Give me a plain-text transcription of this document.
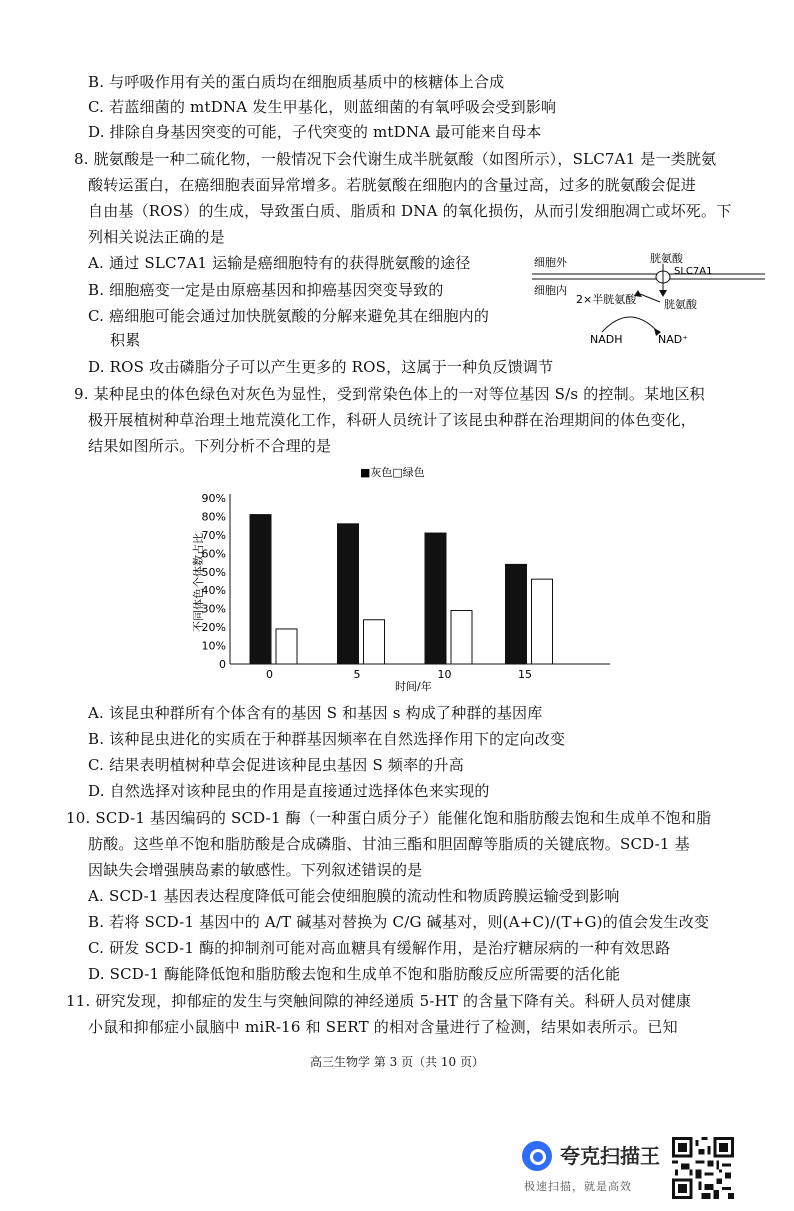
B. 与呼吸作用有关的蛋白质均在细胞质基质中的核糖体上合成
C. 若蓝细菌的 mtDNA 发生甲基化，则蓝细菌的有氧呼吸会受到影响
D. 排除自身基因突变的可能，子代突变的 mtDNA 最可能来自母本
8. 胱氨酸是一种二硫化物，一般情况下会代谢生成半胱氨酸（如图所示），SLC7A1 是一类胱氨
酸转运蛋白，在癌细胞表面异常增多。若胱氨酸在细胞内的含量过高，过多的胱氨酸会促进
自由基（ROS）的生成，导致蛋白质、脂质和 DNA 的氧化损伤，从而引发细胞凋亡或坏死。下
列相关说法正确的是
A. 通过 SLC7A1 运输是癌细胞特有的获得胱氨酸的途径
B. 细胞癌变一定是由原癌基因和抑癌基因突变导致的
C. 癌细胞可能会通过加快胱氨酸的分解来避免其在细胞内的
积累
D. ROS 攻击磷脂分子可以产生更多的 ROS，这属于一种负反馈调节
细胞外
细胞内
胱氨酸
SLC7A1
胱氨酸
2×半胱氨酸
NADH	NAD⁺
9. 某种昆虫的体色绿色对灰色为显性，受到常染色体上的一对等位基因 S/s 的控制。某地区积
极开展植树种草治理土地荒漠化工作，科研人员统计了该昆虫种群在治理期间的体色变化，
结果如图所示。下列分析不合理的是
■灰色□绿色
不同体色个体数占比
时间/年
0	5	10	15
0
10%
20%
30%
40%
50%
60%
70%
80%
90%
A. 该昆虫种群所有个体含有的基因 S 和基因 s 构成了种群的基因库
B. 该种昆虫进化的实质在于种群基因频率在自然选择作用下的定向改变
C. 结果表明植树种草会促进该种昆虫基因 S 频率的升高
D. 自然选择对该种昆虫的作用是直接通过选择体色来实现的
10. SCD-1 基因编码的 SCD-1 酶（一种蛋白质分子）能催化饱和脂肪酸去饱和生成单不饱和脂
肪酸。这些单不饱和脂肪酸是合成磷脂、甘油三酯和胆固醇等脂质的关键底物。SCD-1 基
因缺失会增强胰岛素的敏感性。下列叙述错误的是
A. SCD-1 基因表达程度降低可能会使细胞膜的流动性和物质跨膜运输受到影响
B. 若将 SCD-1 基因中的 A/T 碱基对替换为 C/G 碱基对，则(A+C)/(T+G)的值会发生改变
C. 研发 SCD-1 酶的抑制剂可能对高血糖具有缓解作用，是治疗糖尿病的一种有效思路
D. SCD-1 酶能降低饱和脂肪酸去饱和生成单不饱和脂肪酸反应所需要的活化能
11. 研究发现，抑郁症的发生与突触间隙的神经递质 5-HT 的含量下降有关。科研人员对健康
小鼠和抑郁症小鼠脑中 miR-16 和 SERT 的相对含量进行了检测，结果如表所示。已知
高三生物学 第 3 页（共 10 页）
夸克扫描王
极速扫描，就是高效
